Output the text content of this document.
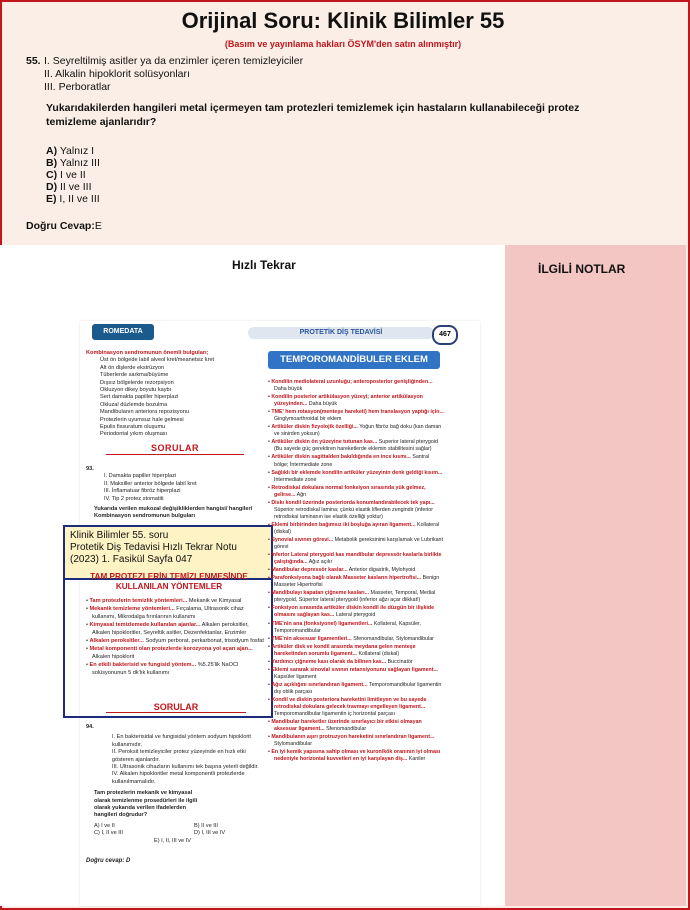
Orijinal Soru: Klinik Bilimler 55
(Basım ve yayınlama hakları ÖSYM'den satın alınmıştır)
55. I. Seyreltilmiş asitler ya da enzimler içeren temizleyiciler
II. Alkalin hipoklorit solüsyonları
III. Perboratlar
Yukarıdakilerden hangileri metal içermeyen tam protezleri temizlemek için hastaların kullanabileceği protez temizleme ajanlarıdır?
A) Yalnız I
B) Yalnız III
C) I ve II
D) II ve III
E) I, II ve III
Doğru Cevap:E
Hızlı Tekrar	İLGİLİ NOTLAR
ROMEDATA	PROTETİK DİŞ TEDAVİSİ	467
Kombinasyon sendromunun önemli bulguları;
Üst ön bölgede labil alveol kret/meanetsiz kret
Alt ön dişlerde ekstrüzyon
Tüberlerde sarkma/büyüme
Dışsız bölgelerde rezorpsiyon
Okluzyon dikey boyutu kaybı
Sert damakta papiller hiperplazi
Okluzal düzlemde bozulma
Mandibulanın anteriora repozisyonu
Protezlerin uyumsuz hale gelmesi
Epulis fissuratum oluşumu
Periodontal yıkım oluşması
SORULAR
93.
I. Damakta papiller hiperplazi
II. Maksiller anterior bölgede labil kret
III. İnflamatuar fibröz hiperplazi
IV. Tip 2 protez stomatiti
Yukarıda verilen mukozal değişikliklerden hangisi/ hangileri Kombinasyon sendromunun bulguları
Klinik Bilimler 55. soru
Protetik Diş Tedavisi Hızlı Tekrar Notu
(2023) 1. Fasikül Sayfa 047
TAM PROTEZLERİN TEMİZLENMESİNDE KULLANILAN YÖNTEMLER
• Tam protezlerin temizlik yöntemleri... Mekanik ve Kimyasal
• Mekanik temizleme yöntemleri... Fırçalama, Ultrasonik cihaz kullanımı, Mikrodalga fırınlarının kullanımı
• Kimyasal temizlemede kullanılan ajanlar... Alkalen peroksitler, Alkalen hipokloritler, Seyreltik asitler, Dezenfektanlar, Enzimler
• Alkalen peroksitler... Sodyum perborat, perkarbonat, trisodyum fosfat
• Metal komponenti olan protezlerde korozyona yol açan ajan... Alkalen hipoklorit
• En etkili bakterisid ve fungisid yöntem... %5.25'lik NaOCl solüsyonunun 5 dk'lık kullanımı
SORULAR
94.
I. En bakterisidal ve fungisidal yöntem sodyum hipoklorit kullanımıdır.
II. Peroksit temizleyiciler protez yüzeyinde en hızlı etki gösteren ajanlardır.
III. Ultrasonik cihazların kullanımı tek başına yeterli değildir.
IV. Alkalen hipokloritler metal komponentli protezlerde kullanılmamalıdır.
Tam protezlerin mekanik ve kimyasal olarak temizlenme prosedürleri ile ilgili olarak yukarıda verilen ifadelerden hangileri doğrudur?
A) I ve II	B) II ve III
C) I, II ve III	D) I, III ve IV
E) I, II, III ve IV
Doğru cevap: D
TEMPOROMANDİBULER EKLEM

• Kondilin mediolateral uzunluğu; anteroposterior genişliğinden... Daha büyük

• Kondilin posterior artikülasyon yüzeyi; anterior artikülasyon yüzeyinden... Daha büyük

• TME' hem rotasyon(menteşe hareketi) hem translasyon yaptığı için... Ginglymoarthroidal bir eklem

• Artiküler diskin fizyolojik özelliği... Yoğun fibröz bağ doku (kan damarı ve sinirden yoksun)

• Artiküler diskin ön yüzeyine tutunan kas... Superior lateral pterygoid (Bu sayede güç gerektiren hareketlerde eklemin stabilitesini sağlar)

• Artiküler diskin sagittalden bakıldığında en ince kısmı... Santral bölge; İntermediate zone

• Sağlıklı bir eklemde kondilin artiküler yüzeyinin denk geldiği kısım... Intermediate zone

• Retrodiskal dokulara normal fonksiyon sırasında yük gelmez, gelirse... Ağrı

• Diskı kondil üzerinde posteriorda konumlandırabilecek tek yapı... Süperior retrodiskal lamina; çünkü elastik liflerden zengindir (inferior retrodiskal laminanın ise elastik özelliği yoktur)

• Eklemi birbirinden bağımsız iki boşluğa ayıran ligament... Kollateral (diskal)

• Synovial sıvının görevi... Metabolik gereksinimi karşılamak ve Lubrikant görevi

• İnferior Lateral pterygoid kas mandibular depressör kaslarla birlikte çalıştığında... Ağız açılır

• Mandibular depressör kaslar... Anterior digastrik, Mylohyoid

• Parafonksiyona bağlı olarak Masseter kasların hipertrofisi... Benign Masseter Hipertrofisi

• Mandibulayı kapatan çiğneme kasları... Masseter, Temporal, Medial pterygoid, Süperior lateral pterygoid (inferior ağzı açar diikkat!)

• Fonksiyon sırasında artiküler diskin kondil ile düzgün bir ilişkide olmasını sağlayan kas... Lateral pterygoid

• TME'nin ana (fonksiyonel) ligamentleri... Kollateral, Kapsüler, Temporomandibular

• TME'nin aksesuar ligamentleri... Sfenomandibular, Stylomandibular

• Artiküler disk ve kondil arasında meydana gelen menteşe hareketinden sorumlu ligament... Kollateral (diskal)

• Yardımcı çiğneme kası olarak da bilinen kas... Buccinatör

• Eklemi sararak sinovial sıvının retansiyonunu sağlayan ligament... Kapsüler ligament

• Ağız açıklığını sınırlandıran ligament... Temporomandibular ligamentin dış oblik parçası

• Kondil ve diskin posteriora hareketini limitleyen ve bu sayede retrodiskal dokulara gelecek travmayı engelleyen ligament... Temporomandibular ligamentin iç horizontal parçası

• Mandibular hareketler üzerinde sınırlayıcı bir etkisi olmayan aksesuar ligament... Sfenomandibular

• Mandibulanın aşırı protruzyon hareketini sınırlandıran ligament... Stylomandibular

• En iyi kemik yapısına sahip olması ve kuron/kök oranının iyi olması nedeniyle horizontal kuvvetleri en iyi karşılayan diş... Kaniler
